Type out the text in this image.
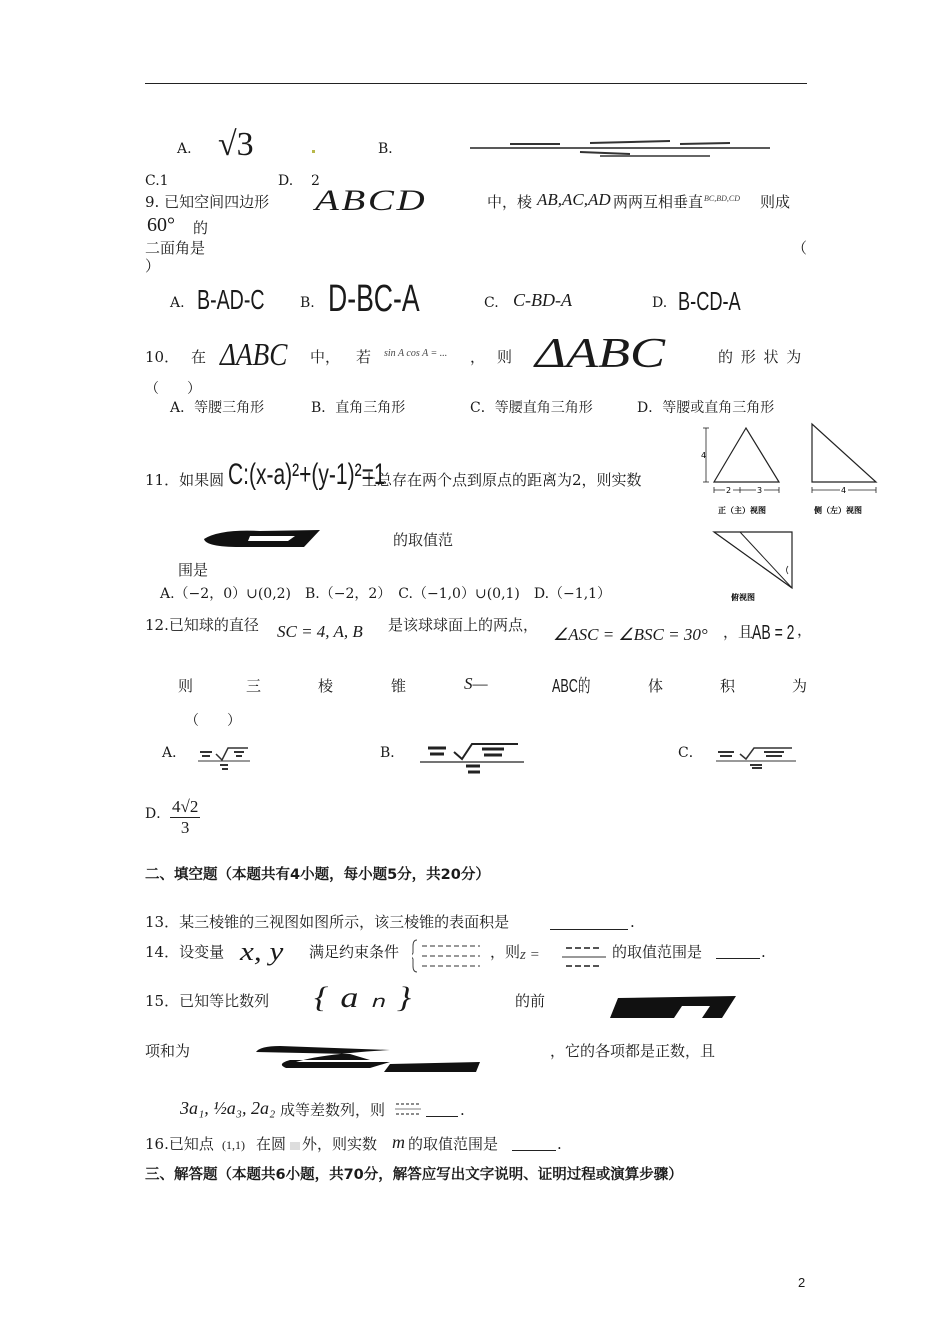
A. √3	B．
C.1	D. 2
9. 已知空间四边形 ABCD	中，棱 AB,AC,AD 两两互相垂直 BC,BD,CD 则成
60° 的
二面角是	（
）
A. B-AD-C	B. D-BC-A	C. C-BD-A	D. B-CD-A
10． 在 ΔABC 中， 若 sin A cos A = ... ， 则 ΔABC	的 形 状 为
（　　）
A．等腰三角形	B．直角三角形	C．等腰直角三角形	D．等腰或直角三角形
4
2	3
正（主）视图
4
侧（左）视图
俯视图
11．如果圆 C:(x-a)²+(y-1)²=1
上总存在两个点到原点的距离为2，则实数
的取值范
围是
A.（−2，0）∪(0,2)　B.（−2，2）　C.（−1,0）∪(0,1)　D.（−1,1）
12.已知球的直径 SC = 4, A, B 是该球球面上的两点， ∠ASC = ∠BSC = 30° ，且
AB = 2 ，
则	三	棱	锥	S—	ABC的	体	积	为
（　　）
A．	B．	C．
D． $\frac{4√2}{3}$
二、填空题（本题共有4小题，每小题5分，共20分）
13．某三棱锥的三视图如图所示，该三棱锥的表面积是	.
14．设变量 x, y 满足约束条件	，则 z =	的取值范围是	.
15．已知等比数列 {aₙ}	的前
项和为	，它的各项都是正数，且
3a₁, ½a₃, 2a₂ 成等差数列，则	.
16.已知点 (1,1) 在圆 外，则实数 m 的取值范围是	.
三、解答题（本题共6小题，共70分，解答应写出文字说明、证明过程或演算步骤）
2
